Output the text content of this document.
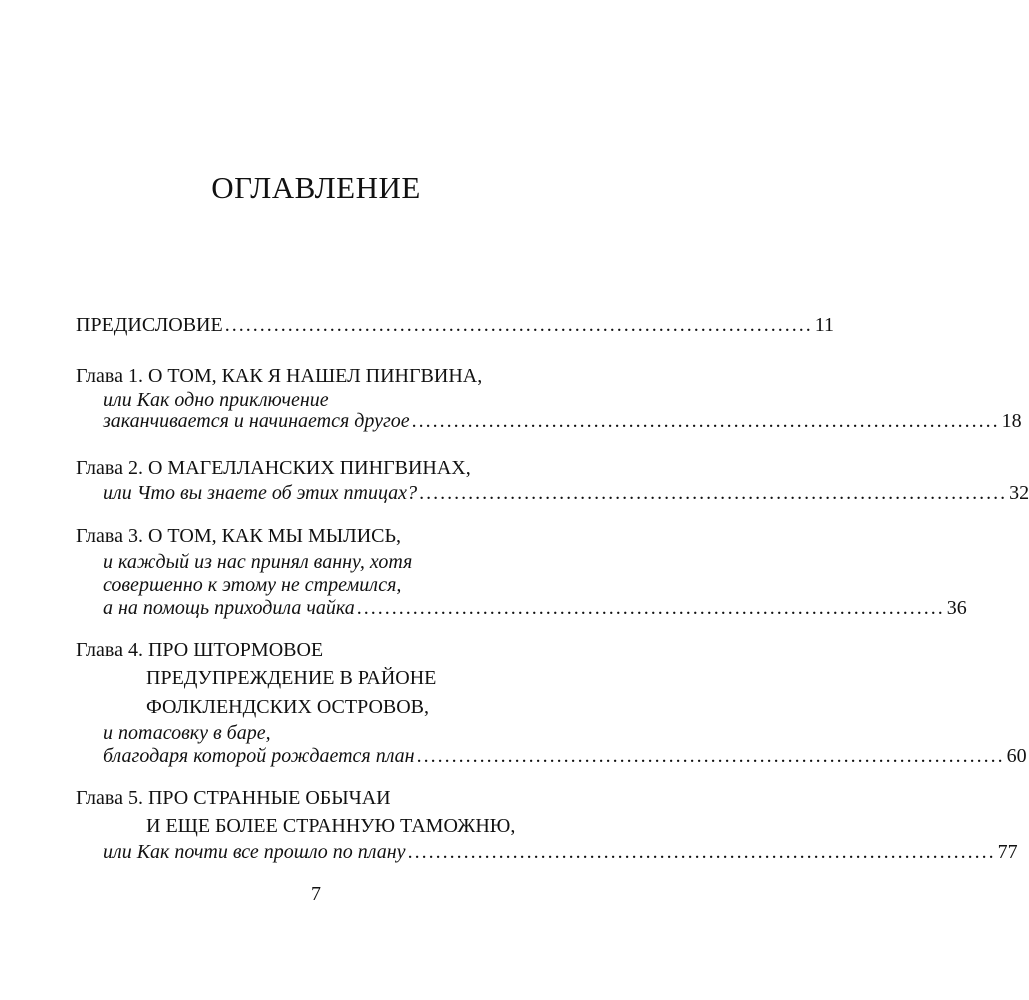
ОГЛАВЛЕНИЕ
ПРЕДИСЛОВИЕ .................................................................................... 11
Глава 1. О ТОМ, КАК Я НАШЕЛ ПИНГВИНА,
или Как одно приключение
заканчивается и начинается другое .................................................................................... 18
Глава 2. О МАГЕЛЛАНСКИХ ПИНГВИНАХ,
или Что вы знаете об этих птицах? .................................................................................... 32
Глава 3. О ТОМ, КАК МЫ МЫЛИСЬ,
и каждый из нас принял ванну, хотя
совершенно к этому не стремился,
а на помощь приходила чайка .................................................................................... 36
Глава 4. ПРО ШТОРМОВОЕ
ПРЕДУПРЕЖДЕНИЕ В РАЙОНЕ
ФОЛКЛЕНДСКИХ ОСТРОВОВ,
и потасовку в баре,
благодаря которой рождается план .................................................................................... 60
Глава 5. ПРО СТРАННЫЕ ОБЫЧАИ
И ЕЩЕ БОЛЕЕ СТРАННУЮ ТАМОЖНЮ,
или Как почти все прошло по плану .................................................................................... 77
7
